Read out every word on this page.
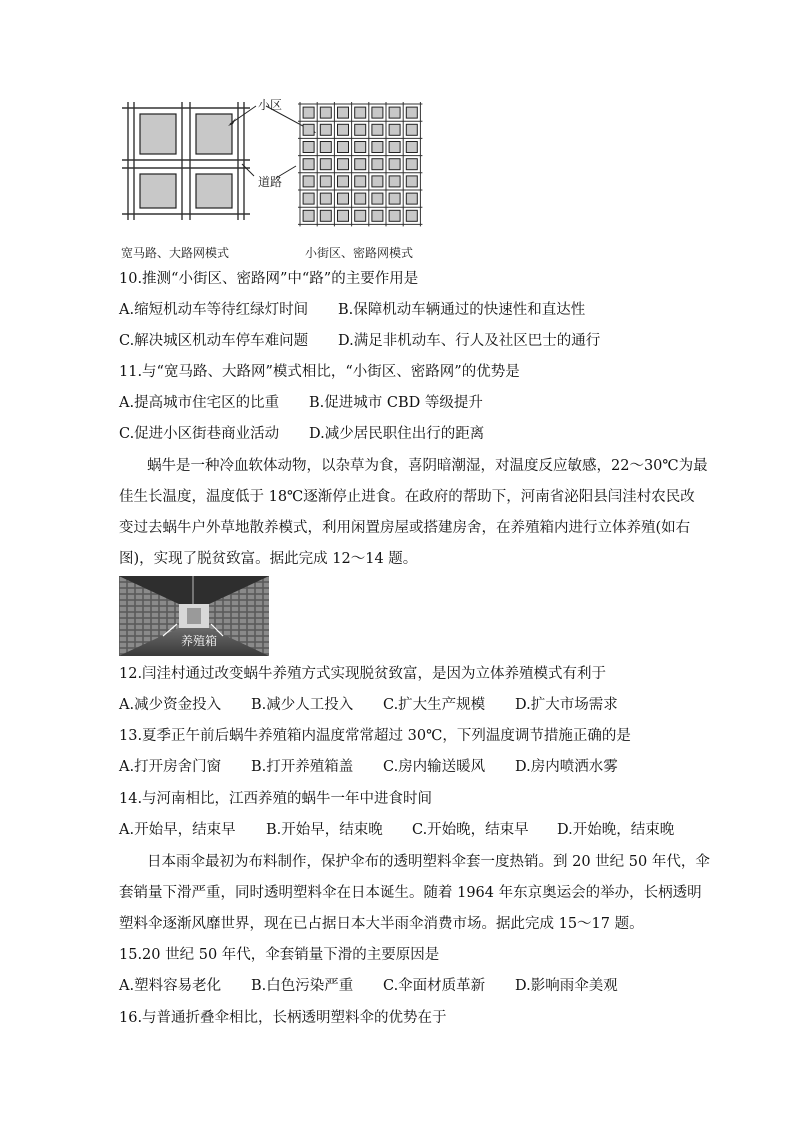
小区
道路
宽马路、大路网模式	小街区、密路网模式
10.推测“小街区、密路网”中“路”的主要作用是
A.缩短机动车等待红绿灯时间 B.保障机动车辆通过的快速性和直达性
C.解决城区机动车停车难问题 D.满足非机动车、行人及社区巴士的通行
11.与“宽马路、大路网”模式相比，“小街区、密路网”的优势是
A.提高城市住宅区的比重 B.促进城市 CBD 等级提升
C.促进小区街巷商业活动 D.减少居民职住出行的距离
蜗牛是一种冷血软体动物，以杂草为食，喜阴暗潮湿，对温度反应敏感，22～30℃为最
佳生长温度，温度低于 18℃逐渐停止进食。在政府的帮助下，河南省泌阳县闫洼村农民改
变过去蜗牛户外草地散养模式，利用闲置房屋或搭建房舍，在养殖箱内进行立体养殖(如右
图)，实现了脱贫致富。据此完成 12～14 题。
养殖箱
12.闫洼村通过改变蜗牛养殖方式实现脱贫致富，是因为立体养殖模式有利于
A.减少资金投入 B.减少人工投入 C.扩大生产规模 D.扩大市场需求
13.夏季正午前后蜗牛养殖箱内温度常常超过 30℃，下列温度调节措施正确的是
A.打开房舍门窗 B.打开养殖箱盖 C.房内输送暖风 D.房内喷洒水雾
14.与河南相比，江西养殖的蜗牛一年中进食时间
A.开始早，结束早 B.开始早，结束晚 C.开始晚，结束早 D.开始晚，结束晚
日本雨伞最初为布料制作，保护伞布的透明塑料伞套一度热销。到 20 世纪 50 年代，伞
套销量下滑严重，同时透明塑料伞在日本诞生。随着 1964 年东京奥运会的举办，长柄透明
塑料伞逐渐风靡世界，现在已占据日本大半雨伞消费市场。据此完成 15～17 题。
15.20 世纪 50 年代，伞套销量下滑的主要原因是
A.塑料容易老化 B.白色污染严重 C.伞面材质革新 D.影响雨伞美观
16.与普通折叠伞相比，长柄透明塑料伞的优势在于
